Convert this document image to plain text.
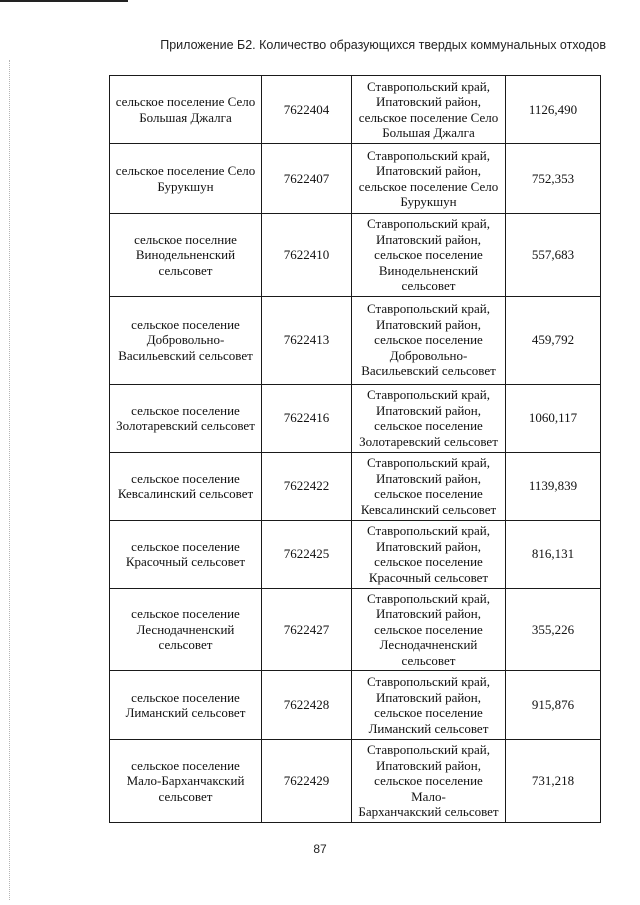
Приложение Б2. Количество образующихся твердых коммунальных отходов
сельское поселение Село Большая Джалга	7622404	Ставропольский край,
Ипатовский район,
сельское поселение Село
Большая Джалга	1126,490
сельское поселение Село Бурукшун	7622407	Ставропольский край,
Ипатовский район,
сельское поселение Село
Бурукшун	752,353
сельское поселние Винодельненский сельсовет	7622410	Ставропольский край,
Ипатовский район,
сельское поселение
Винодельненский
сельсовет	557,683
сельское поселение Добровольно-Васильевский сельсовет	7622413	Ставропольский край,
Ипатовский район,
сельское поселение
Добровольно-
Васильевский сельсовет	459,792
сельское поселение Золотаревский сельсовет	7622416	Ставропольский край,
Ипатовский район,
сельское поселение
Золотаревский сельсовет	1060,117
сельское поселение Кевсалинский сельсовет	7622422	Ставропольский край,
Ипатовский район,
сельское поселение
Кевсалинский сельсовет	1139,839
сельское поселение Красочный сельсовет	7622425	Ставропольский край,
Ипатовский район,
сельское поселение
Красочный сельсовет	816,131
сельское поселение Леснодачненский сельсовет	7622427	Ставропольский край,
Ипатовский район,
сельское поселение
Леснодачненский
сельсовет	355,226
сельское поселение Лиманский сельсовет	7622428	Ставропольский край,
Ипатовский район,
сельское поселение
Лиманский сельсовет	915,876
сельское поселение Мало-Барханчакский сельсовет	7622429	Ставропольский край,
Ипатовский район,
сельское поселение Мало-
Барханчакский сельсовет	731,218
87
